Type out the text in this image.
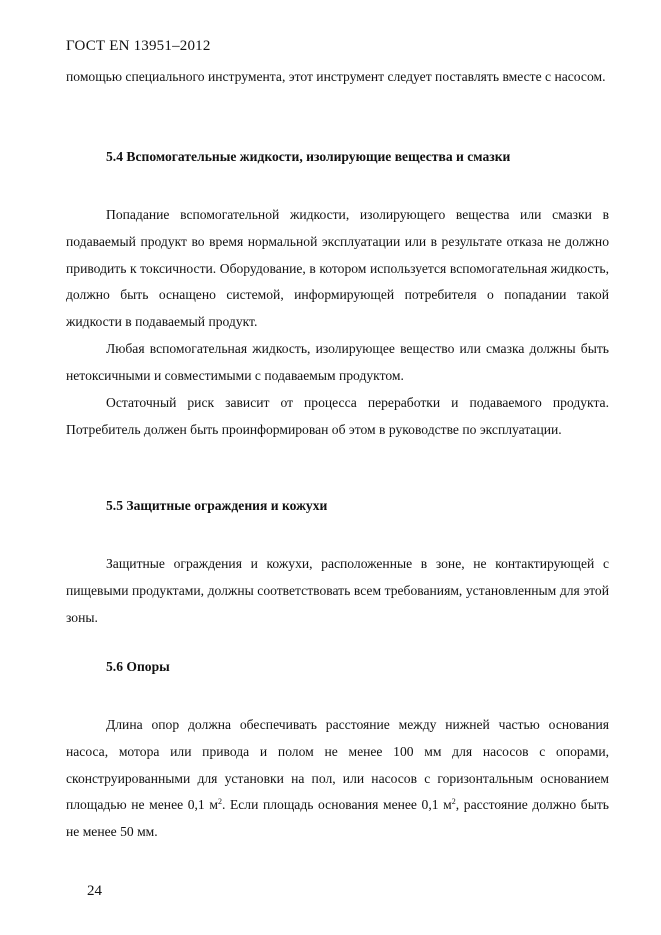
ГОСТ EN 13951–2012

помощью специального инструмента, этот инструмент следует поставлять вместе с насосом.

5.4 Вспомогательные жидкости, изолирующие вещества и смазки

Попадание вспомогательной жидкости, изолирующего вещества или смазки в подаваемый продукт во время нормальной эксплуатации или в результате отказа не должно приводить к токсичности. Оборудование, в котором используется вспомогательная жидкость, должно быть оснащено системой, информирующей потребителя о попадании такой жидкости в подаваемый продукт.

Любая вспомогательная жидкость, изолирующее вещество или смазка должны быть нетоксичными и совместимыми с подаваемым продуктом.

Остаточный риск зависит от процесса переработки и подаваемого продукта. Потребитель должен быть проинформирован об этом в руководстве по эксплуатации.

5.5 Защитные ограждения и кожухи

Защитные ограждения и кожухи, расположенные в зоне, не контактирующей с пищевыми продуктами, должны соответствовать всем требованиям, установленным для этой зоны.

5.6 Опоры

Длина опор должна обеспечивать расстояние между нижней частью основания насоса, мотора или привода и полом не менее 100 мм для насосов с опорами, сконструированными для установки на пол, или насосов с горизонтальным основанием площадью не менее 0,1 $м^2$. Если площадь основания менее 0,1 $м^2$, расстояние должно быть не менее 50 мм.

24
